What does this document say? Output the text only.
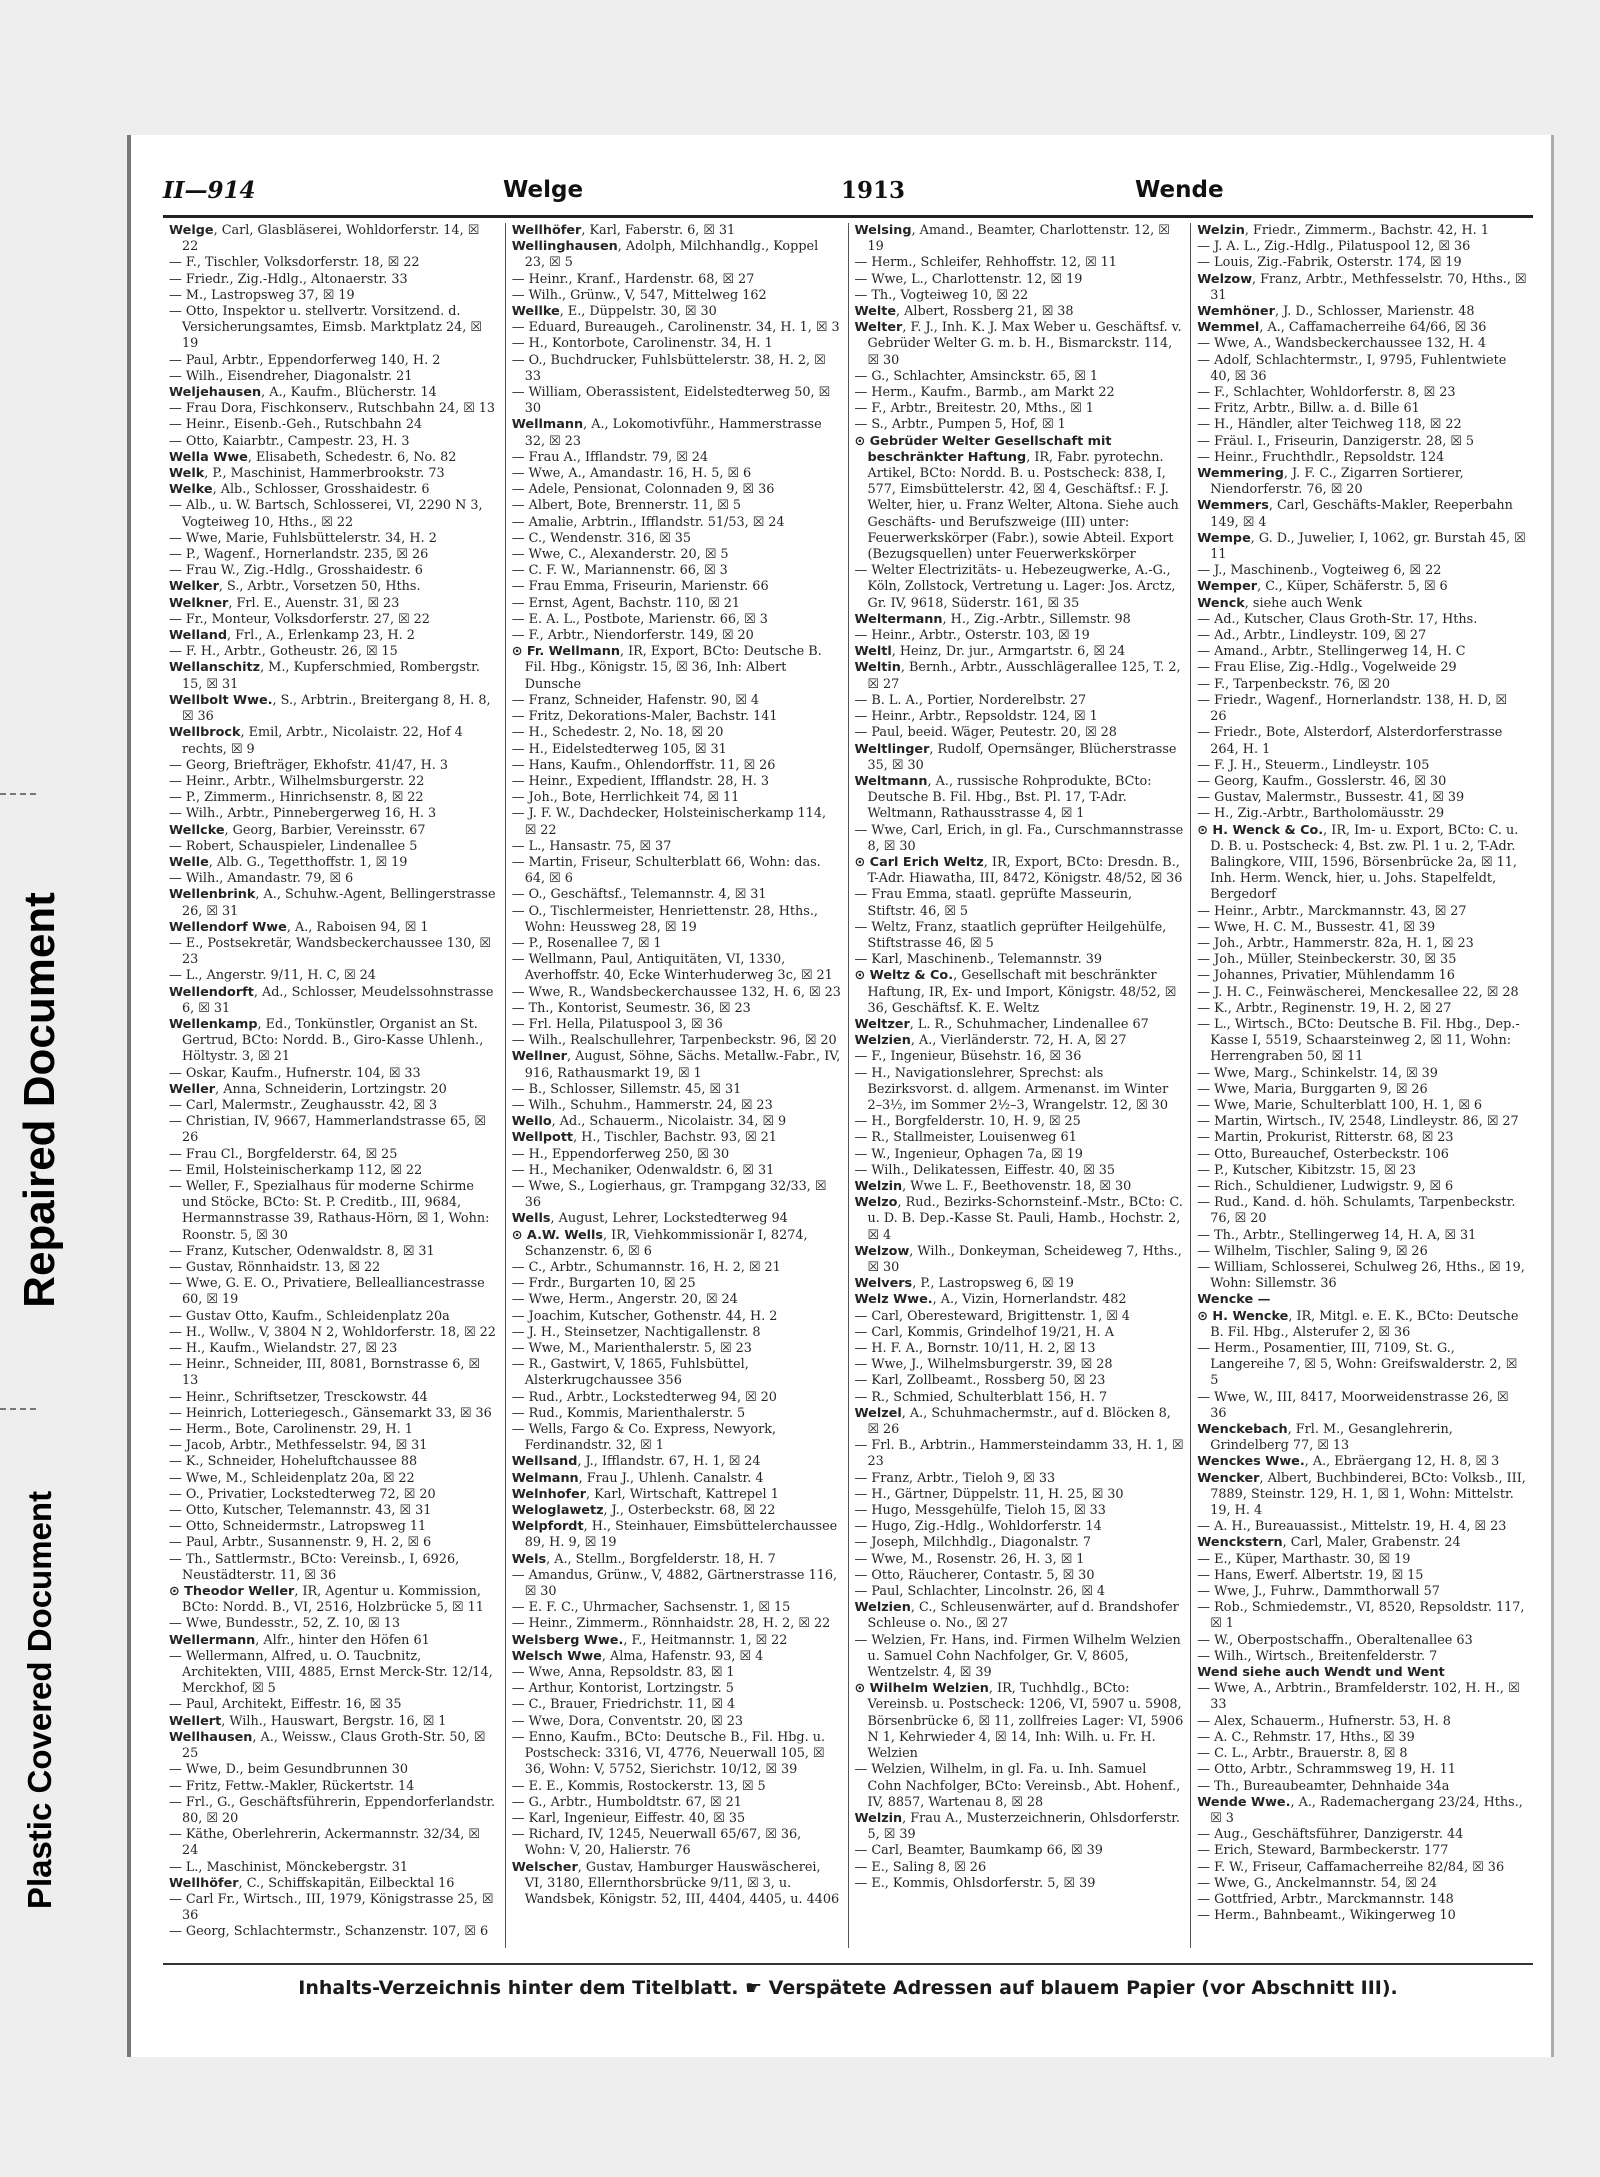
Repaired Document
Plastic Covered Document
II—914	Welge	1913	Wende
Welge, Carl, Glasbläserei, Wohldorferstr. 14, ☒ 22
— F., Tischler, Volksdorferstr. 18, ☒ 22
— Friedr., Zig.-Hdlg., Altonaerstr. 33
— M., Lastropsweg 37, ☒ 19
— Otto, Inspektor u. stellvertr. Vorsitzend. d. Versicherungsamtes, Eimsb. Marktplatz 24, ☒ 19
— Paul, Arbtr., Eppendorferweg 140, H. 2
— Wilh., Eisendreher, Diagonalstr. 21
Weljehausen, A., Kaufm., Blücherstr. 14
— Frau Dora, Fischkonserv., Rutschbahn 24, ☒ 13
— Heinr., Eisenb.-Geh., Rutschbahn 24
— Otto, Kaiarbtr., Campestr. 23, H. 3
Wella Wwe, Elisabeth, Schedestr. 6, No. 82
Welk, P., Maschinist, Hammerbrookstr. 73
Welke, Alb., Schlosser, Grosshaidestr. 6
— Alb., u. W. Bartsch, Schlosserei, VI, 2290 N 3, Vogteiweg 10, Hths., ☒ 22
— Wwe, Marie, Fuhlsbüttelerstr. 34, H. 2
— P., Wagenf., Hornerlandstr. 235, ☒ 26
— Frau W., Zig.-Hdlg., Grosshaidestr. 6
Welker, S., Arbtr., Vorsetzen 50, Hths.
Welkner, Frl. E., Auenstr. 31, ☒ 23
— Fr., Monteur, Volksdorferstr. 27, ☒ 22
Welland, Frl., A., Erlenkamp 23, H. 2
— F. H., Arbtr., Gotheustr. 26, ☒ 15
Wellanschitz, M., Kupferschmied, Rombergstr. 15, ☒ 31
Wellbolt Wwe., S., Arbtrin., Breitergang 8, H. 8, ☒ 36
Wellbrock, Emil, Arbtr., Nicolaistr. 22, Hof 4 rechts, ☒ 9
— Georg, Briefträger, Ekhofstr. 41/47, H. 3
— Heinr., Arbtr., Wilhelmsburgerstr. 22
— P., Zimmerm., Hinrichsenstr. 8, ☒ 22
— Wilh., Arbtr., Pinnebergerweg 16, H. 3
Wellcke, Georg, Barbier, Vereinsstr. 67
— Robert, Schauspieler, Lindenallee 5
Welle, Alb. G., Tegetthoffstr. 1, ☒ 19
— Wilh., Amandastr. 79, ☒ 6
Wellenbrink, A., Schuhw.-Agent, Bellingerstrasse 26, ☒ 31
Wellendorf Wwe, A., Raboisen 94, ☒ 1
— E., Postsekretär, Wandsbeckerchaussee 130, ☒ 23
— L., Angerstr. 9/11, H. C, ☒ 24
Wellendorft, Ad., Schlosser, Meudelssohnstrasse 6, ☒ 31
Wellenkamp, Ed., Tonkünstler, Organist an St. Gertrud, BCto: Nordd. B., Giro-Kasse Uhlenh., Höltystr. 3, ☒ 21
— Oskar, Kaufm., Hufnerstr. 104, ☒ 33
Weller, Anna, Schneiderin, Lortzingstr. 20
— Carl, Malermstr., Zeughausstr. 42, ☒ 3
— Christian, IV, 9667, Hammerlandstrasse 65, ☒ 26
— Frau Cl., Borgfelderstr. 64, ☒ 25
— Emil, Holsteinischerkamp 112, ☒ 22
— Weller, F., Spezialhaus für moderne Schirme und Stöcke, BCto: St. P. Creditb., III, 9684, Hermannstrasse 39, Rathaus-Hörn, ☒ 1, Wohn: Roonstr. 5, ☒ 30
— Franz, Kutscher, Odenwaldstr. 8, ☒ 31
— Gustav, Rönnhaidstr. 13, ☒ 22
— Wwe, G. E. O., Privatiere, Bellealliancestrasse 60, ☒ 19
— Gustav Otto, Kaufm., Schleidenplatz 20a
— H., Wollw., V, 3804 N 2, Wohldorferstr. 18, ☒ 22
— H., Kaufm., Wielandstr. 27, ☒ 23
— Heinr., Schneider, III, 8081, Bornstrasse 6, ☒ 13
— Heinr., Schriftsetzer, Tresckowstr. 44
— Heinrich, Lotteriegesch., Gänsemarkt 33, ☒ 36
— Herm., Bote, Carolinenstr. 29, H. 1
— Jacob, Arbtr., Methfesselstr. 94, ☒ 31
— K., Schneider, Hoheluftchaussee 88
— Wwe, M., Schleidenplatz 20a, ☒ 22
— O., Privatier, Lockstedterweg 72, ☒ 20
— Otto, Kutscher, Telemannstr. 43, ☒ 31
— Otto, Schneidermstr., Latropsweg 11
— Paul, Arbtr., Susannenstr. 9, H. 2, ☒ 6
— Th., Sattlermstr., BCto: Vereinsb., I, 6926, Neustädterstr. 11, ☒ 36
⊙ Theodor Weller, IR, Agentur u. Kommission, BCto: Nordd. B., VI, 2516, Holzbrücke 5, ☒ 11
— Wwe, Bundesstr., 52, Z. 10, ☒ 13
Wellermann, Alfr., hinter den Höfen 61
— Wellermann, Alfred, u. O. Taucbnitz, Architekten, VIII, 4885, Ernst Merck-Str. 12/14, Merckhof, ☒ 5
— Paul, Architekt, Eiffestr. 16, ☒ 35
Wellert, Wilh., Hauswart, Bergstr. 16, ☒ 1
Wellhausen, A., Weissw., Claus Groth-Str. 50, ☒ 25
— Wwe, D., beim Gesundbrunnen 30
— Fritz, Fettw.-Makler, Rückertstr. 14
— Frl., G., Geschäftsführerin, Eppendorferlandstr. 80, ☒ 20
— Käthe, Oberlehrerin, Ackermannstr. 32/34, ☒ 24
— L., Maschinist, Mönckebergstr. 31
Wellhöfer, C., Schiffskapitän, Eilbecktal 16
— Carl Fr., Wirtsch., III, 1979, Königstrasse 25, ☒ 36
— Georg, Schlachtermstr., Schanzenstr. 107, ☒ 6
Wellhöfer, Karl, Faberstr. 6, ☒ 31
Wellinghausen, Adolph, Milchhandlg., Koppel 23, ☒ 5
— Heinr., Kranf., Hardenstr. 68, ☒ 27
— Wilh., Grünw., V, 547, Mittelweg 162
Wellke, E., Düppelstr. 30, ☒ 30
— Eduard, Bureaugeh., Carolinenstr. 34, H. 1, ☒ 3
— H., Kontorbote, Carolinenstr. 34, H. 1
— O., Buchdrucker, Fuhlsbüttelerstr. 38, H. 2, ☒ 33
— William, Oberassistent, Eidelstedterweg 50, ☒ 30
Wellmann, A., Lokomotivführ., Hammerstrasse 32, ☒ 23
— Frau A., Ifflandstr. 79, ☒ 24
— Wwe, A., Amandastr. 16, H. 5, ☒ 6
— Adele, Pensionat, Colonnaden 9, ☒ 36
— Albert, Bote, Brennerstr. 11, ☒ 5
— Amalie, Arbtrin., Ifflandstr. 51/53, ☒ 24
— C., Wendenstr. 316, ☒ 35
— Wwe, C., Alexanderstr. 20, ☒ 5
— C. F. W., Mariannenstr. 66, ☒ 3
— Frau Emma, Friseurin, Marienstr. 66
— Ernst, Agent, Bachstr. 110, ☒ 21
— E. A. L., Postbote, Marienstr. 66, ☒ 3
— F., Arbtr., Niendorferstr. 149, ☒ 20
⊙ Fr. Wellmann, IR, Export, BCto: Deutsche B. Fil. Hbg., Königstr. 15, ☒ 36, Inh: Albert Dunsche
— Franz, Schneider, Hafenstr. 90, ☒ 4
— Fritz, Dekorations-Maler, Bachstr. 141
— H., Schedestr. 2, No. 18, ☒ 20
— H., Eidelstedterweg 105, ☒ 31
— Hans, Kaufm., Ohlendorffstr. 11, ☒ 26
— Heinr., Expedient, Ifflandstr. 28, H. 3
— Joh., Bote, Herrlichkeit 74, ☒ 11
— J. F. W., Dachdecker, Holsteinischerkamp 114, ☒ 22
— L., Hansastr. 75, ☒ 37
— Martin, Friseur, Schulterblatt 66, Wohn: das. 64, ☒ 6
— O., Geschäftsf., Telemannstr. 4, ☒ 31
— O., Tischlermeister, Henriettenstr. 28, Hths., Wohn: Heussweg 28, ☒ 19
— P., Rosenallee 7, ☒ 1
— Wellmann, Paul, Antiquitäten, VI, 1330, Averhoffstr. 40, Ecke Winterhuderweg 3c, ☒ 21
— Wwe, R., Wandsbeckerchaussee 132, H. 6, ☒ 23
— Th., Kontorist, Seumestr. 36, ☒ 23
— Frl. Hella, Pilatuspool 3, ☒ 36
— Wilh., Realschullehrer, Tarpenbeckstr. 96, ☒ 20
Wellner, August, Söhne, Sächs. Metallw.-Fabr., IV, 916, Rathausmarkt 19, ☒ 1
— B., Schlosser, Sillemstr. 45, ☒ 31
— Wilh., Schuhm., Hammerstr. 24, ☒ 23
Wello, Ad., Schauerm., Nicolaistr. 34, ☒ 9
Wellpott, H., Tischler, Bachstr. 93, ☒ 21
— H., Eppendorferweg 250, ☒ 30
— H., Mechaniker, Odenwaldstr. 6, ☒ 31
— Wwe, S., Logierhaus, gr. Trampgang 32/33, ☒ 36
Wells, August, Lehrer, Lockstedterweg 94
⊙ A.W. Wells, IR, Viehkommissionär I, 8274, Schanzenstr. 6, ☒ 6
— C., Arbtr., Schumannstr. 16, H. 2, ☒ 21
— Frdr., Burgarten 10, ☒ 25
— Wwe, Herm., Angerstr. 20, ☒ 24
— Joachim, Kutscher, Gothenstr. 44, H. 2
— J. H., Steinsetzer, Nachtigallenstr. 8
— Wwe, M., Marienthalerstr. 5, ☒ 23
— R., Gastwirt, V, 1865, Fuhlsbüttel, Alsterkrugchaussee 356
— Rud., Arbtr., Lockstedterweg 94, ☒ 20
— Rud., Kommis, Marienthalerstr. 5
— Wells, Fargo & Co. Express, Newyork, Ferdinandstr. 32, ☒ 1
Wellsand, J., Ifflandstr. 67, H. 1, ☒ 24
Welmann, Frau J., Uhlenh. Canalstr. 4
Welnhofer, Karl, Wirtschaft, Kattrepel 1
Weloglawetz, J., Osterbeckstr. 68, ☒ 22
Welpfordt, H., Steinhauer, Eimsbüttelerchaussee 89, H. 9, ☒ 19
Wels, A., Stellm., Borgfelderstr. 18, H. 7
— Amandus, Grünw., V, 4882, Gärtnerstrasse 116, ☒ 30
— E. F. C., Uhrmacher, Sachsenstr. 1, ☒ 15
— Heinr., Zimmerm., Rönnhaidstr. 28, H. 2, ☒ 22
Welsberg Wwe., F., Heitmannstr. 1, ☒ 22
Welsch Wwe, Alma, Hafenstr. 93, ☒ 4
— Wwe, Anna, Repsoldstr. 83, ☒ 1
— Arthur, Kontorist, Lortzingstr. 5
— C., Brauer, Friedrichstr. 11, ☒ 4
— Wwe, Dora, Conventstr. 20, ☒ 23
— Enno, Kaufm., BCto: Deutsche B., Fil. Hbg. u. Postscheck: 3316, VI, 4776, Neuerwall 105, ☒ 36, Wohn: V, 5752, Sierichstr. 10/12, ☒ 39
— E. E., Kommis, Rostockerstr. 13, ☒ 5
— G., Arbtr., Humboldtstr. 67, ☒ 21
— Karl, Ingenieur, Eiffestr. 40, ☒ 35
— Richard, IV, 1245, Neuerwall 65/67, ☒ 36, Wohn: V, 20, Halierstr. 76
Welscher, Gustav, Hamburger Hauswäscherei, VI, 3180, Ellernthorsbrücke 9/11, ☒ 3, u. Wandsbek, Königstr. 52, III, 4404, 4405, u. 4406
Welsing, Amand., Beamter, Charlottenstr. 12, ☒ 19
— Herm., Schleifer, Rehhoffstr. 12, ☒ 11
— Wwe, L., Charlottenstr. 12, ☒ 19
— Th., Vogteiweg 10, ☒ 22
Welte, Albert, Rossberg 21, ☒ 38
Welter, F. J., Inh. K. J. Max Weber u. Geschäftsf. v. Gebrüder Welter G. m. b. H., Bismarckstr. 114, ☒ 30
— G., Schlachter, Amsinckstr. 65, ☒ 1
— Herm., Kaufm., Barmb., am Markt 22
— F., Arbtr., Breitestr. 20, Mths., ☒ 1
— S., Arbtr., Pumpen 5, Hof, ☒ 1
⊙ Gebrüder Welter Gesellschaft mit beschränkter Haftung, IR, Fabr. pyrotechn. Artikel, BCto: Nordd. B. u. Postscheck: 838, I, 577, Eimsbüttelerstr. 42, ☒ 4, Geschäftsf.: F. J. Welter, hier, u. Franz Welter, Altona. Siehe auch Geschäfts- und Berufszweige (III) unter: Feuerwerkskörper (Fabr.), sowie Abteil. Export (Bezugsquellen) unter Feuerwerkskörper
— Welter Electrizitäts- u. Hebezeugwerke, A.-G., Köln, Zollstock, Vertretung u. Lager: Jos. Arctz, Gr. IV, 9618, Süderstr. 161, ☒ 35
Weltermann, H., Zig.-Arbtr., Sillemstr. 98
— Heinr., Arbtr., Osterstr. 103, ☒ 19
Weltl, Heinz, Dr. jur., Armgartstr. 6, ☒ 24
Weltin, Bernh., Arbtr., Ausschlägerallee 125, T. 2, ☒ 27
— B. L. A., Portier, Norderelbstr. 27
— Heinr., Arbtr., Repsoldstr. 124, ☒ 1
— Paul, beeid. Wäger, Peutestr. 20, ☒ 28
Weltlinger, Rudolf, Opernsänger, Blücherstrasse 35, ☒ 30
Weltmann, A., russische Rohprodukte, BCto: Deutsche B. Fil. Hbg., Bst. Pl. 17, T-Adr. Weltmann, Rathausstrasse 4, ☒ 1
— Wwe, Carl, Erich, in gl. Fa., Curschmannstrasse 8, ☒ 30
⊙ Carl Erich Weltz, IR, Export, BCto: Dresdn. B., T-Adr. Hiawatha, III, 8472, Königstr. 48/52, ☒ 36
— Frau Emma, staatl. geprüfte Masseurin, Stiftstr. 46, ☒ 5
— Weltz, Franz, staatlich geprüfter Heilgehülfe, Stiftstrasse 46, ☒ 5
— Karl, Maschinenb., Telemannstr. 39
⊙ Weltz & Co., Gesellschaft mit beschränkter Haftung, IR, Ex- und Import, Königstr. 48/52, ☒ 36, Geschäftsf. K. E. Weltz
Weltzer, L. R., Schuhmacher, Lindenallee 67
Welzien, A., Vierländerstr. 72, H. A, ☒ 27
— F., Ingenieur, Büsehstr. 16, ☒ 36
— H., Navigationslehrer, Sprechst: als Bezirksvorst. d. allgem. Armenanst. im Winter 2–3½, im Sommer 2½–3, Wrangelstr. 12, ☒ 30
— H., Borgfelderstr. 10, H. 9, ☒ 25
— R., Stallmeister, Louisenweg 61
— W., Ingenieur, Ophagen 7a, ☒ 19
— Wilh., Delikatessen, Eiffestr. 40, ☒ 35
Welzin, Wwe L. F., Beethovenstr. 18, ☒ 30
Welzo, Rud., Bezirks-Schornsteinf.-Mstr., BCto: C. u. D. B. Dep.-Kasse St. Pauli, Hamb., Hochstr. 2, ☒ 4
Welzow, Wilh., Donkeyman, Scheideweg 7, Hths., ☒ 30
Welvers, P., Lastropsweg 6, ☒ 19
Welz Wwe., A., Vizin, Hornerlandstr. 482
— Carl, Oberesteward, Brigittenstr. 1, ☒ 4
— Carl, Kommis, Grindelhof 19/21, H. A
— H. F. A., Bornstr. 10/11, H. 2, ☒ 13
— Wwe, J., Wilhelmsburgerstr. 39, ☒ 28
— Karl, Zollbeamt., Rossberg 50, ☒ 23
— R., Schmied, Schulterblatt 156, H. 7
Welzel, A., Schuhmachermstr., auf d. Blöcken 8, ☒ 26
— Frl. B., Arbtrin., Hammersteindamm 33, H. 1, ☒ 23
— Franz, Arbtr., Tieloh 9, ☒ 33
— H., Gärtner, Düppelstr. 11, H. 25, ☒ 30
— Hugo, Messgehülfe, Tieloh 15, ☒ 33
— Hugo, Zig.-Hdlg., Wohldorferstr. 14
— Joseph, Milchhdlg., Diagonalstr. 7
— Wwe, M., Rosenstr. 26, H. 3, ☒ 1
— Otto, Räucherer, Contastr. 5, ☒ 30
— Paul, Schlachter, Lincolnstr. 26, ☒ 4
Welzien, C., Schleusenwärter, auf d. Brandshofer Schleuse o. No., ☒ 27
— Welzien, Fr. Hans, ind. Firmen Wilhelm Welzien u. Samuel Cohn Nachfolger, Gr. V, 8605, Wentzelstr. 4, ☒ 39
⊙ Wilhelm Welzien, IR, Tuchhdlg., BCto: Vereinsb. u. Postscheck: 1206, VI, 5907 u. 5908, Börsenbrücke 6, ☒ 11, zollfreies Lager: VI, 5906 N 1, Kehrwieder 4, ☒ 14, Inh: Wilh. u. Fr. H. Welzien
— Welzien, Wilhelm, in gl. Fa. u. Inh. Samuel Cohn Nachfolger, BCto: Vereinsb., Abt. Hohenf., IV, 8857, Wartenau 8, ☒ 28
Welzin, Frau A., Musterzeichnerin, Ohlsdorferstr. 5, ☒ 39
— Carl, Beamter, Baumkamp 66, ☒ 39
— E., Saling 8, ☒ 26
— E., Kommis, Ohlsdorferstr. 5, ☒ 39
Welzin, Friedr., Zimmerm., Bachstr. 42, H. 1
— J. A. L., Zig.-Hdlg., Pilatuspool 12, ☒ 36
— Louis, Zig.-Fabrik, Osterstr. 174, ☒ 19
Welzow, Franz, Arbtr., Methfesselstr. 70, Hths., ☒ 31
Wemhöner, J. D., Schlosser, Marienstr. 48
Wemmel, A., Caffamacherreihe 64/66, ☒ 36
— Wwe, A., Wandsbeckerchaussee 132, H. 4
— Adolf, Schlachtermstr., I, 9795, Fuhlentwiete 40, ☒ 36
— F., Schlachter, Wohldorferstr. 8, ☒ 23
— Fritz, Arbtr., Billw. a. d. Bille 61
— H., Händler, alter Teichweg 118, ☒ 22
— Fräul. I., Friseurin, Danzigerstr. 28, ☒ 5
— Heinr., Fruchthdlr., Repsoldstr. 124
Wemmering, J. F. C., Zigarren Sortierer, Niendorferstr. 76, ☒ 20
Wemmers, Carl, Geschäfts-Makler, Reeperbahn 149, ☒ 4
Wempe, G. D., Juwelier, I, 1062, gr. Burstah 45, ☒ 11
— J., Maschinenb., Vogteiweg 6, ☒ 22
Wemper, C., Küper, Schäferstr. 5, ☒ 6
Wenck, siehe auch Wenk
— Ad., Kutscher, Claus Groth-Str. 17, Hths.
— Ad., Arbtr., Lindleystr. 109, ☒ 27
— Amand., Arbtr., Stellingerweg 14, H. C
— Frau Elise, Zig.-Hdlg., Vogelweide 29
— F., Tarpenbeckstr. 76, ☒ 20
— Friedr., Wagenf., Hornerlandstr. 138, H. D, ☒ 26
— Friedr., Bote, Alsterdorf, Alsterdorferstrasse 264, H. 1
— F. J. H., Steuerm., Lindleystr. 105
— Georg, Kaufm., Gosslerstr. 46, ☒ 30
— Gustav, Malermstr., Bussestr. 41, ☒ 39
— H., Zig.-Arbtr., Bartholomäusstr. 29
⊙ H. Wenck & Co., IR, Im- u. Export, BCto: C. u. D. B. u. Postscheck: 4, Bst. zw. Pl. 1 u. 2, T-Adr. Balingkore, VIII, 1596, Börsenbrücke 2a, ☒ 11, Inh. Herm. Wenck, hier, u. Johs. Stapelfeldt, Bergedorf
— Heinr., Arbtr., Marckmannstr. 43, ☒ 27
— Wwe, H. C. M., Bussestr. 41, ☒ 39
— Joh., Arbtr., Hammerstr. 82a, H. 1, ☒ 23
— Joh., Müller, Steinbeckerstr. 30, ☒ 35
— Johannes, Privatier, Mühlendamm 16
— J. H. C., Feinwäscherei, Menckesallee 22, ☒ 28
— K., Arbtr., Reginenstr. 19, H. 2, ☒ 27
— L., Wirtsch., BCto: Deutsche B. Fil. Hbg., Dep.-Kasse I, 5519, Schaarsteinweg 2, ☒ 11, Wohn: Herrengraben 50, ☒ 11
— Wwe, Marg., Schinkelstr. 14, ☒ 39
— Wwe, Maria, Burggarten 9, ☒ 26
— Wwe, Marie, Schulterblatt 100, H. 1, ☒ 6
— Martin, Wirtsch., IV, 2548, Lindleystr. 86, ☒ 27
— Martin, Prokurist, Ritterstr. 68, ☒ 23
— Otto, Bureauchef, Osterbeckstr. 106
— P., Kutscher, Kibitzstr. 15, ☒ 23
— Rich., Schuldiener, Ludwigstr. 9, ☒ 6
— Rud., Kand. d. höh. Schulamts, Tarpenbeckstr. 76, ☒ 20
— Th., Arbtr., Stellingerweg 14, H. A, ☒ 31
— Wilhelm, Tischler, Saling 9, ☒ 26
— William, Schlosserei, Schulweg 26, Hths., ☒ 19, Wohn: Sillemstr. 36
Wencke —
⊙ H. Wencke, IR, Mitgl. e. E. K., BCto: Deutsche B. Fil. Hbg., Alsterufer 2, ☒ 36
— Herm., Posamentier, III, 7109, St. G., Langereihe 7, ☒ 5, Wohn: Greifswalderstr. 2, ☒ 5
— Wwe, W., III, 8417, Moorweidenstrasse 26, ☒ 36
Wenckebach, Frl. M., Gesanglehrerin, Grindelberg 77, ☒ 13
Wenckes Wwe., A., Ebräergang 12, H. 8, ☒ 3
Wencker, Albert, Buchbinderei, BCto: Volksb., III, 7889, Steinstr. 129, H. 1, ☒ 1, Wohn: Mittelstr. 19, H. 4
— A. H., Bureauassist., Mittelstr. 19, H. 4, ☒ 23
Wenckstern, Carl, Maler, Grabenstr. 24
— E., Küper, Marthastr. 30, ☒ 19
— Hans, Ewerf. Albertstr. 19, ☒ 15
— Wwe, J., Fuhrw., Dammthorwall 57
— Rob., Schmiedemstr., VI, 8520, Repsoldstr. 117, ☒ 1
— W., Oberpostschaffn., Oberaltenallee 63
— Wilh., Wirtsch., Breitenfelderstr. 7
Wend siehe auch Wendt und Went
— Wwe, A., Arbtrin., Bramfelderstr. 102, H. H., ☒ 33
— Alex, Schauerm., Hufnerstr. 53, H. 8
— A. C., Rehmstr. 17, Hths., ☒ 39
— C. L., Arbtr., Brauerstr. 8, ☒ 8
— Otto, Arbtr., Schrammsweg 19, H. 11
— Th., Bureaubeamter, Dehnhaide 34a
Wende Wwe., A., Rademachergang 23/24, Hths., ☒ 3
— Aug., Geschäftsführer, Danzigerstr. 44
— Erich, Steward, Barmbeckerstr. 177
— F. W., Friseur, Caffamacherreihe 82/84, ☒ 36
— Wwe, G., Anckelmannstr. 54, ☒ 24
— Gottfried, Arbtr., Marckmannstr. 148
— Herm., Bahnbeamt., Wikingerweg 10
Inhalts-Verzeichnis hinter dem Titelblatt. ☛ Verspätete Adressen auf blauem Papier (vor Abschnitt III).
